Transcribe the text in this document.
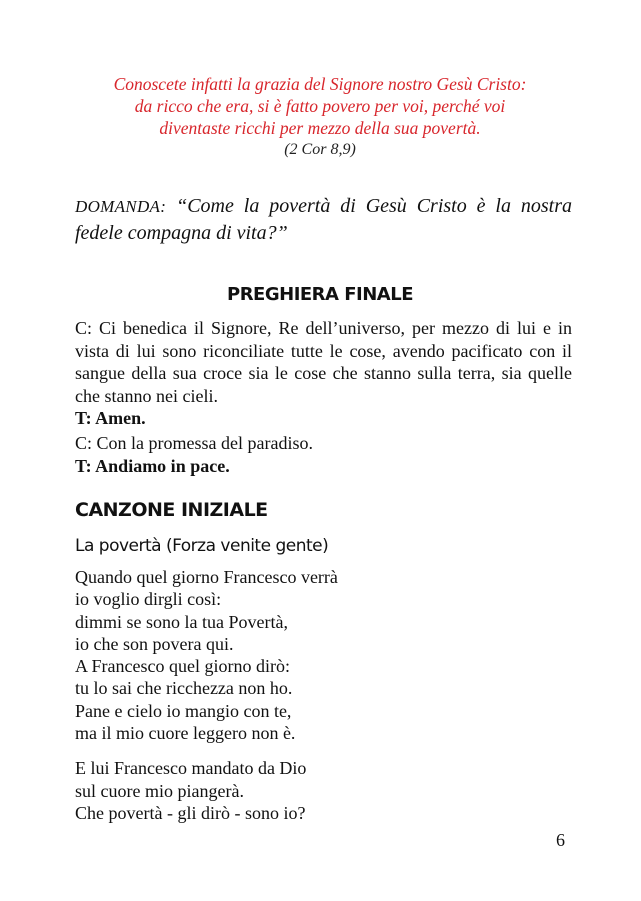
Conoscete infatti la grazia del Signore nostro Gesù Cristo:
da ricco che era, si è fatto povero per voi, perché voi
diventaste ricchi per mezzo della sua povertà.
(2 Cor 8,9)
DOMANDA: “Come la povertà di Gesù Cristo è la nostra fedele compagna di vita?”
PREGHIERA FINALE
C: Ci benedica il Signore, Re dell’universo, per mezzo di lui e in vista di lui sono riconciliate tutte le cose, avendo pacificato con il sangue della sua croce sia le cose che stanno sulla terra, sia quelle che stanno nei cieli.
T: Amen.
C: Con la promessa del paradiso.
T: Andiamo in pace.
CANZONE INIZIALE
La povertà (Forza venite gente)
Quando quel giorno Francesco verrà
io voglio dirgli così:
dimmi se sono la tua Povertà,
io che son povera qui.
A Francesco quel giorno dirò:
tu lo sai che ricchezza non ho.
Pane e cielo io mangio con te,
ma il mio cuore leggero non è.
E lui Francesco mandato da Dio
sul cuore mio piangerà.
Che povertà - gli dirò - sono io?
6
